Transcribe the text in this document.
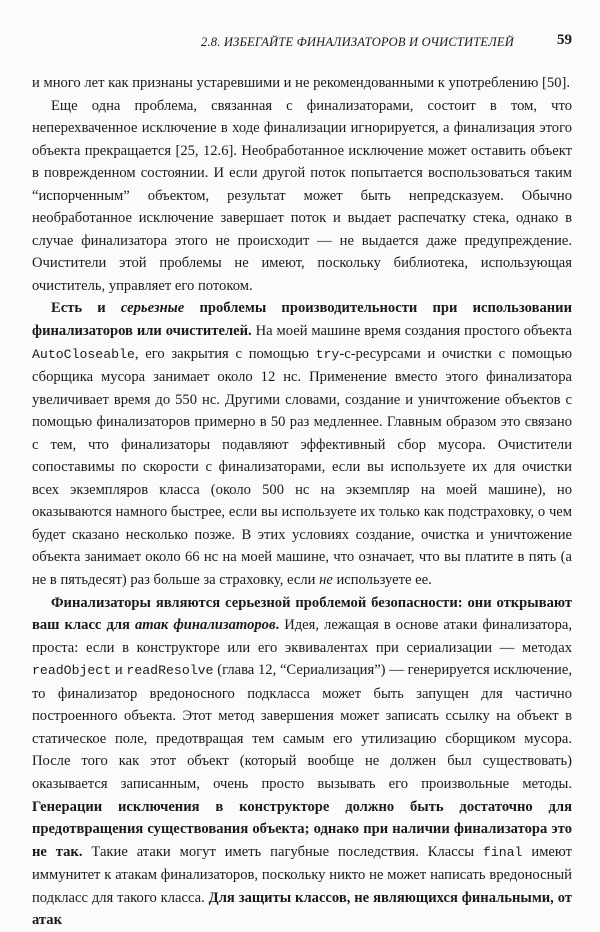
2.8. ИЗБЕГАЙТЕ ФИНАЛИЗАТОРОВ И ОЧИСТИТЕЛЕЙ	59

и много лет как признаны устаревшими и не рекомендованными к употреблению [50].

Еще одна проблема, связанная с финализаторами, состоит в том, что неперехваченное исключение в ходе финализации игнорируется, а финализация этого объекта прекращается [25, 12.6]. Необработанное исключение может оставить объект в поврежденном состоянии. И если другой поток попытается воспользоваться таким “испорченным” объектом, результат может быть непредсказуем. Обычно необработанное исключение завершает поток и выдает распечатку стека, однако в случае финализатора этого не происходит — не выдается даже предупреждение. Очистители этой проблемы не имеют, поскольку библиотека, использующая очиститель, управляет его потоком.

Есть и серьезные проблемы производительности при использовании финализаторов или очистителей. На моей машине время создания простого объекта AutoCloseable, его закрытия с помощью try-с-ресурсами и очистки с помощью сборщика мусора занимает около 12 нс. Применение вместо этого финализатора увеличивает время до 550 нс. Другими словами, создание и уничтожение объектов с помощью финализаторов примерно в 50 раз медленнее. Главным образом это связано с тем, что финализаторы подавляют эффективный сбор мусора. Очистители сопоставимы по скорости с финализаторами, если вы используете их для очистки всех экземпляров класса (около 500 нс на экземпляр на моей машине), но оказываются намного быстрее, если вы используете их только как подстраховку, о чем будет сказано несколько позже. В этих условиях создание, очистка и уничтожение объекта занимает около 66 нс на моей машине, что означает, что вы платите в пять (а не в пятьдесят) раз больше за страховку, если не используете ее.

Финализаторы являются серьезной проблемой безопасности: они открывают ваш класс для атак финализаторов. Идея, лежащая в основе атаки финализатора, проста: если в конструкторе или его эквивалентах при сериализации — методах readObject и readResolve (глава 12, “Сериализация”) — генерируется исключение, то финализатор вредоносного подкласса может быть запущен для частично построенного объекта. Этот метод завершения может записать ссылку на объект в статическое поле, предотвращая тем самым его утилизацию сборщиком мусора. После того как этот объект (который вообще не должен был существовать) оказывается записанным, очень просто вызывать его произвольные методы. Генерации исключения в конструкторе должно быть достаточно для предотвращения существования объекта; однако при наличии финализатора это не так. Такие атаки могут иметь пагубные последствия. Классы final имеют иммунитет к атакам финализаторов, поскольку никто не может написать вредоносный подкласс для такого класса. Для защиты классов, не являющихся финальными, от атак
